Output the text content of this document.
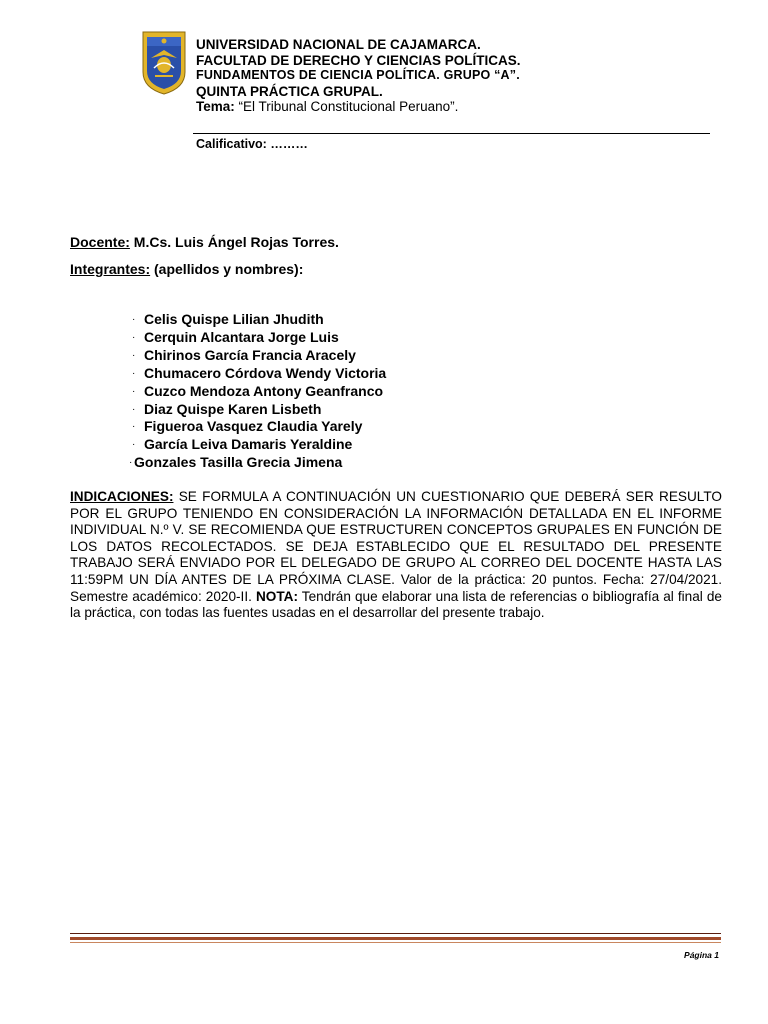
UNIVERSIDAD NACIONAL DE CAJAMARCA.
FACULTAD DE DERECHO Y CIENCIAS POLÍTICAS.
FUNDAMENTOS DE CIENCIA POLÍTICA. GRUPO “A”.
QUINTA PRÁCTICA GRUPAL.
Tema: “El Tribunal Constitucional Peruano”.
Calificativo: ………
Docente: M.Cs. Luis Ángel Rojas Torres.
Integrantes: (apellidos y nombres):
· Celis Quispe Lilian Jhudith
· Cerquin Alcantara Jorge Luis
· Chirinos García Francia Aracely
· Chumacero Córdova Wendy Victoria
· Cuzco Mendoza Antony Geanfranco
· Diaz Quispe Karen Lisbeth
· Figueroa Vasquez Claudia Yarely
· García Leiva Damaris Yeraldine
· Gonzales Tasilla Grecia Jimena
INDICACIONES: SE FORMULA A CONTINUACIÓN UN CUESTIONARIO QUE DEBERÁ SER RESULTO POR EL GRUPO TENIENDO EN CONSIDERACIÓN LA INFORMACIÓN DETALLADA EN EL INFORME INDIVIDUAL N.º V. SE RECOMIENDA QUE ESTRUCTUREN CONCEPTOS GRUPALES EN FUNCIÓN DE LOS DATOS RECOLECTADOS. SE DEJA ESTABLECIDO QUE EL RESULTADO DEL PRESENTE TRABAJO SERÁ ENVIADO POR EL DELEGADO DE GRUPO AL CORREO DEL DOCENTE HASTA LAS 11:59PM UN DÍA ANTES DE LA PRÓXIMA CLASE. Valor de la práctica: 20 puntos. Fecha: 27/04/2021. Semestre académico: 2020-II. NOTA: Tendrán que elaborar una lista de referencias o bibliografía al final de la práctica, con todas las fuentes usadas en el desarrollar del presente trabajo.
Página 1
